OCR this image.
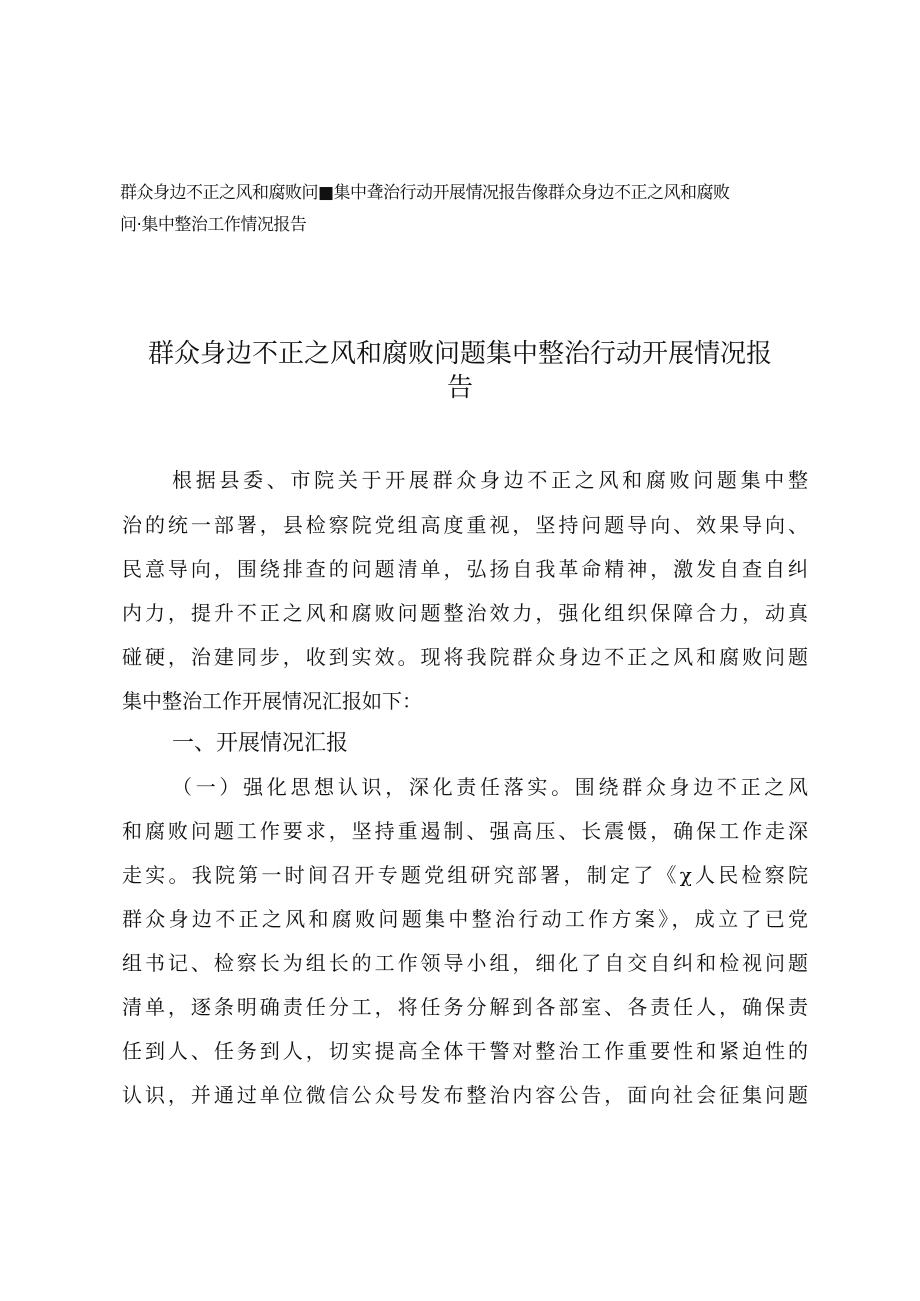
群众身边不正之风和腐败问■集中聋治行动开展情况报告像群众身边不正之风和腐败
问·集中整治工作情况报告
群众身边不正之风和腐败问题集中整治行动开展情况报
告
根据县委、市院关于开展群众身边不正之风和腐败问题集中整
治的统一部署，县检察院党组高度重视，坚持问题导向、效果导向、
民意导向，围绕排查的问题清单，弘扬自我革命精神，激发自查自纠
内力，提升不正之风和腐败问题整治效力，强化组织保障合力，动真
碰硬，治建同步，收到实效。现将我院群众身边不正之风和腐败问题
集中整治工作开展情况汇报如下：
一、开展情况汇报
（一）强化思想认识，深化责任落实。围绕群众身边不正之风
和腐败问题工作要求，坚持重遏制、强高压、长震慑，确保工作走深
走实。我院第一时间召开专题党组研究部署，制定了《χ人民检察院
群众身边不正之风和腐败问题集中整治行动工作方案》，成立了已党
组书记、检察长为组长的工作领导小组，细化了自交自纠和检视问题
清单，逐条明确责任分工，将任务分解到各部室、各责任人，确保责
任到人、任务到人，切实提高全体干警对整治工作重要性和紧迫性的
认识，并通过单位微信公众号发布整治内容公告，面向社会征集问题
